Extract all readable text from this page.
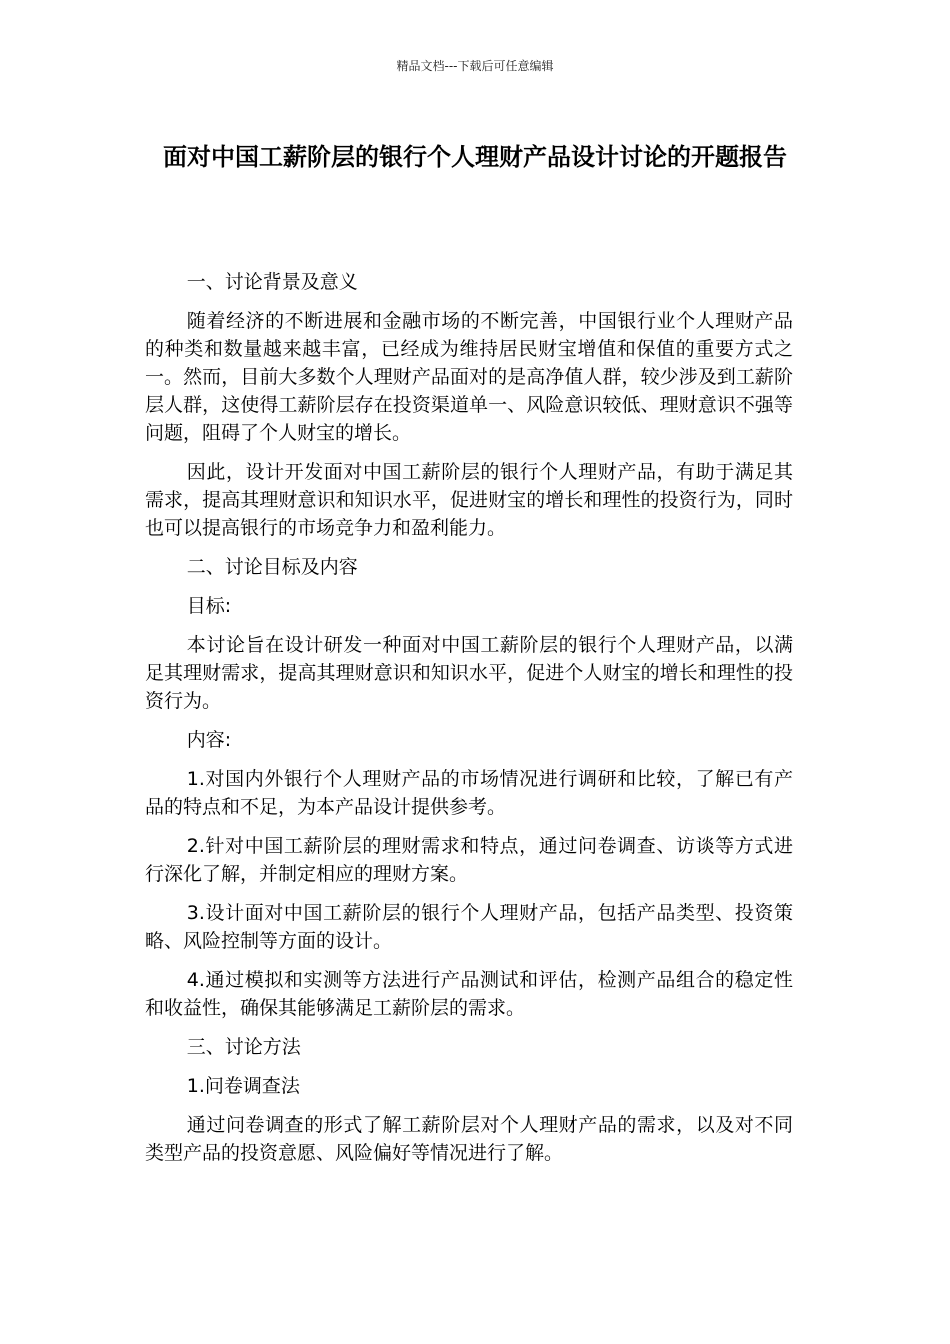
精品文档---下载后可任意编辑
面对中国工薪阶层的银行个人理财产品设计讨论的开题报告

一、讨论背景及意义

随着经济的不断进展和金融市场的不断完善，中国银行业个人理财产品的种类和数量越来越丰富，已经成为维持居民财宝增值和保值的重要方式之一。然而，目前大多数个人理财产品面对的是高净值人群，较少涉及到工薪阶层人群，这使得工薪阶层存在投资渠道单一、风险意识较低、理财意识不强等问题，阻碍了个人财宝的增长。

因此，设计开发面对中国工薪阶层的银行个人理财产品，有助于满足其需求，提高其理财意识和知识水平，促进财宝的增长和理性的投资行为，同时也可以提高银行的市场竞争力和盈利能力。

二、讨论目标及内容

目标:

本讨论旨在设计研发一种面对中国工薪阶层的银行个人理财产品，以满足其理财需求，提高其理财意识和知识水平，促进个人财宝的增长和理性的投资行为。

内容:

1.对国内外银行个人理财产品的市场情况进行调研和比较，了解已有产品的特点和不足，为本产品设计提供参考。

2.针对中国工薪阶层的理财需求和特点，通过问卷调查、访谈等方式进行深化了解，并制定相应的理财方案。

3.设计面对中国工薪阶层的银行个人理财产品，包括产品类型、投资策略、风险控制等方面的设计。

4.通过模拟和实测等方法进行产品测试和评估，检测产品组合的稳定性和收益性，确保其能够满足工薪阶层的需求。

三、讨论方法

1.问卷调查法

通过问卷调查的形式了解工薪阶层对个人理财产品的需求，以及对不同类型产品的投资意愿、风险偏好等情况进行了解。
